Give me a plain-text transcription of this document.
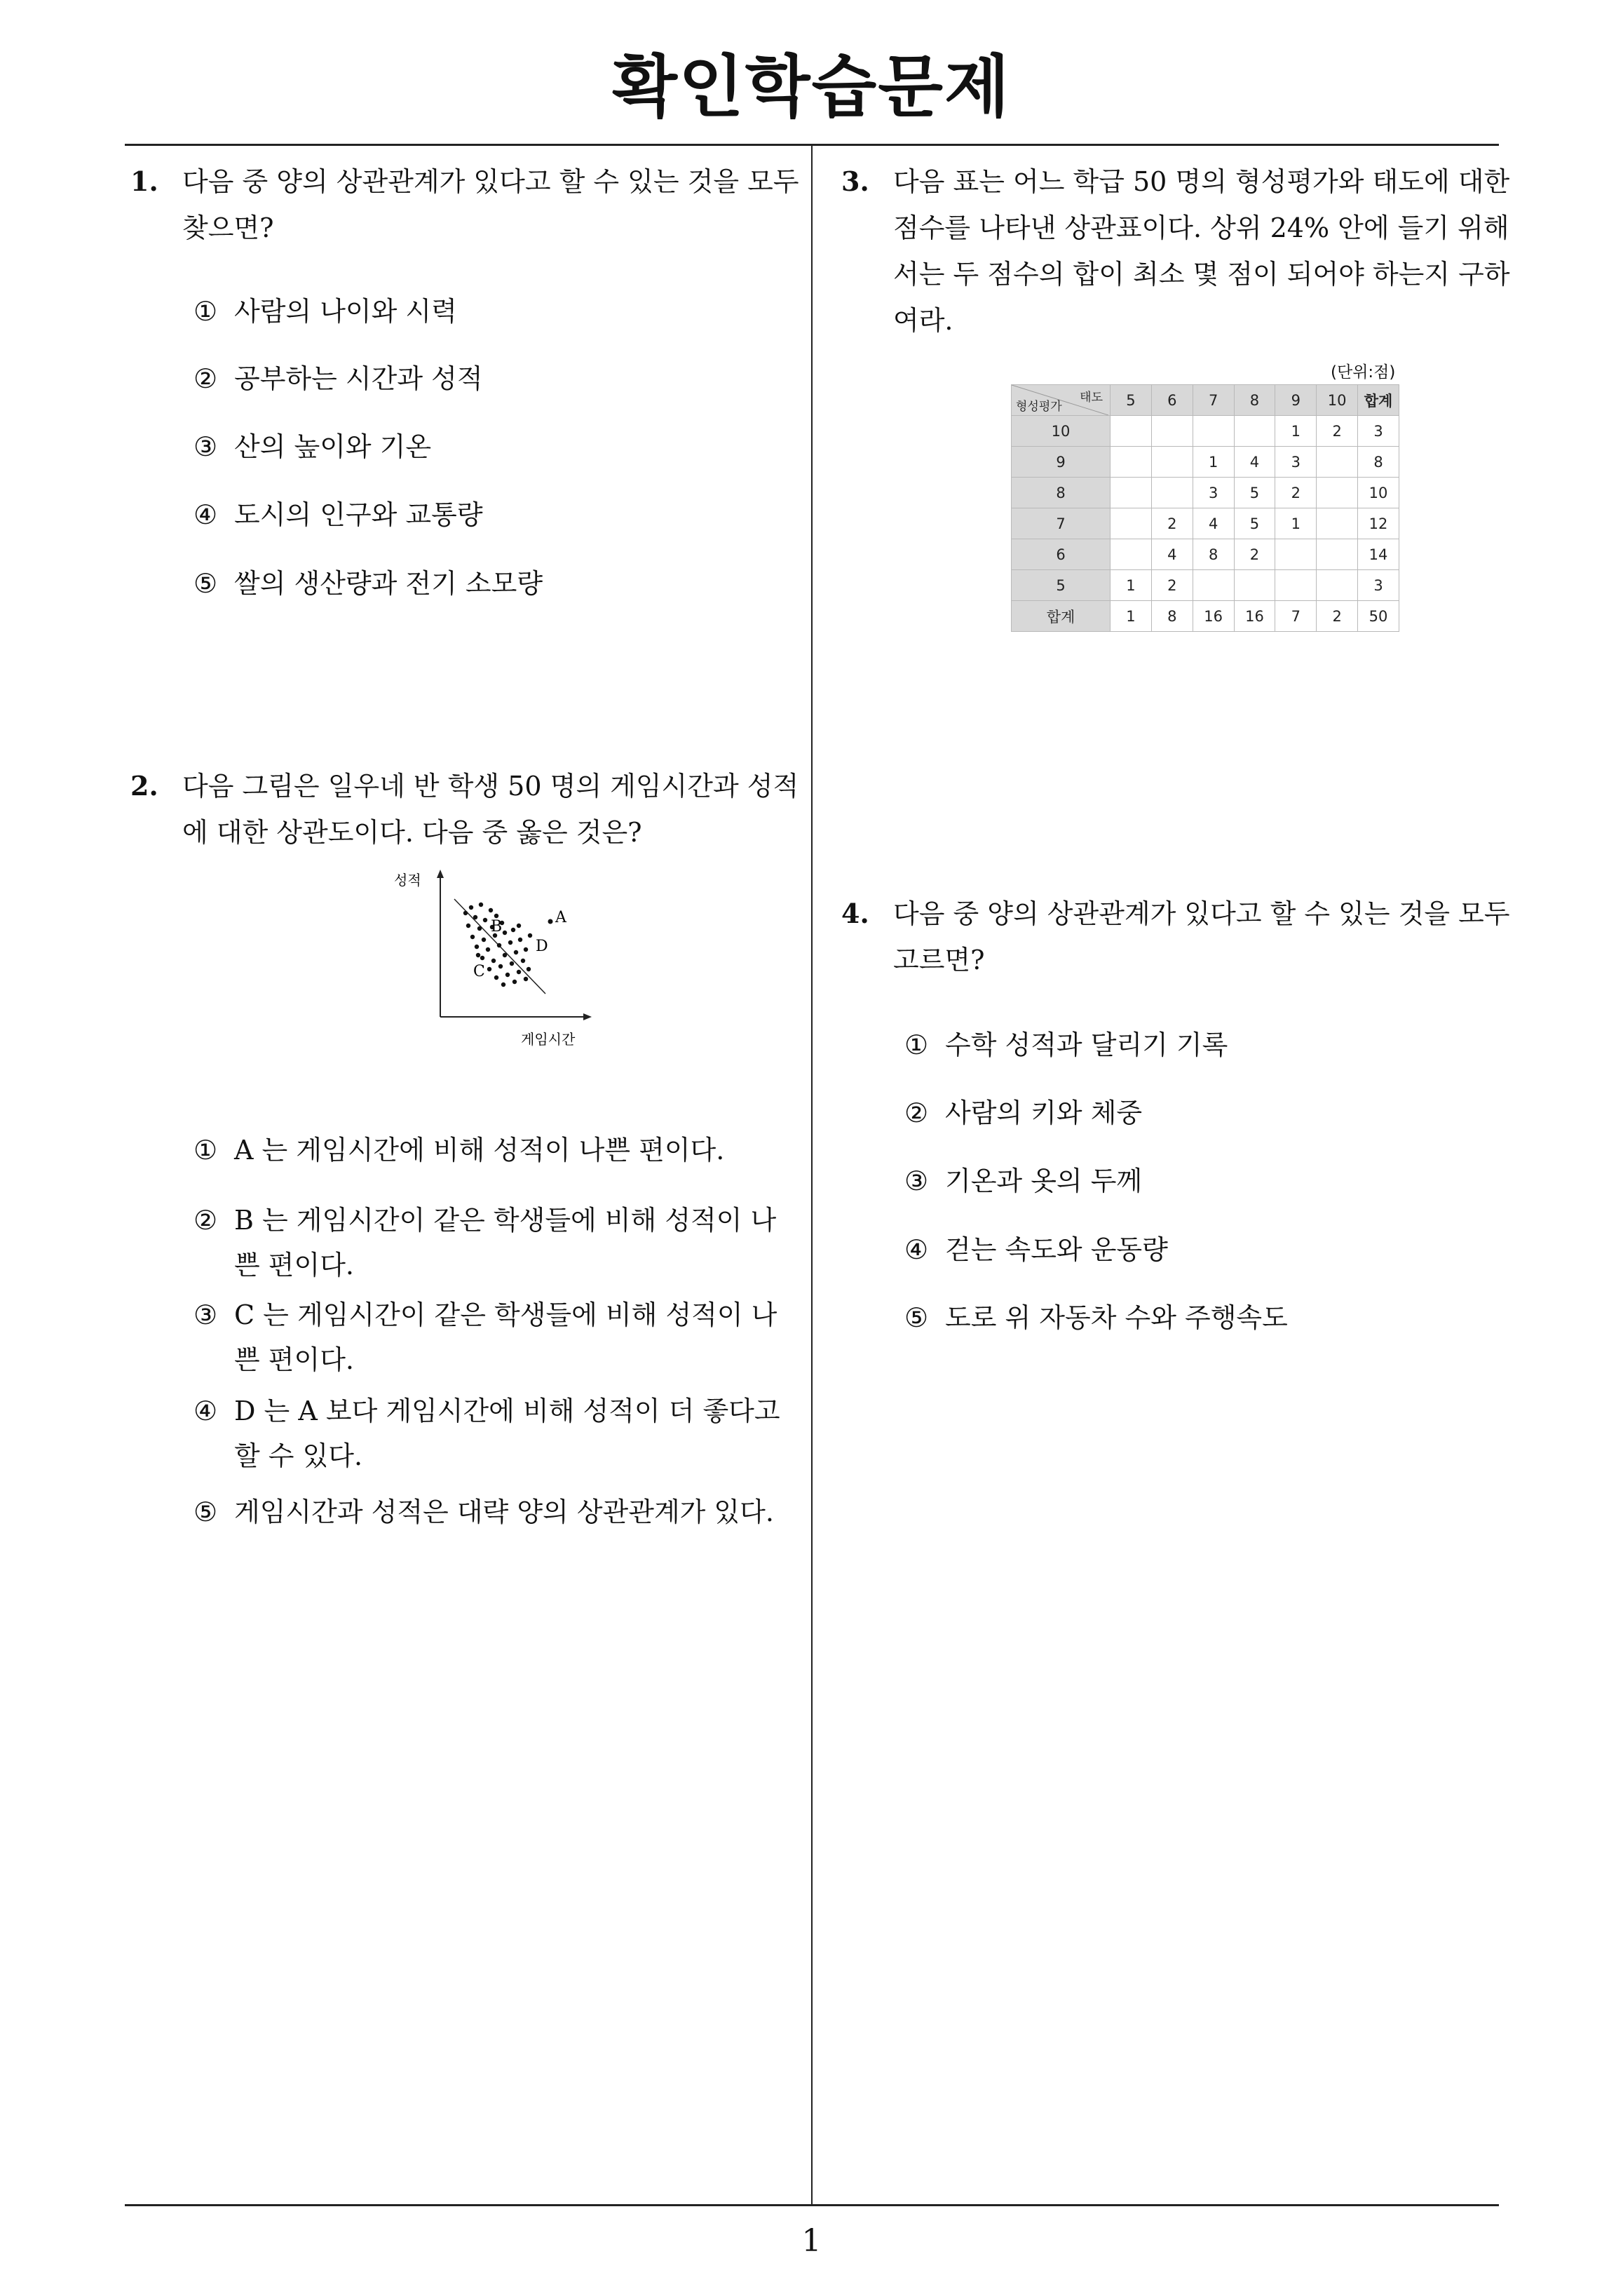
확인학습문제
1
1. 다음 중 양의 상관관계가 있다고 할 수 있는 것을 모두
찾으면?
① 사람의 나이와 시력
② 공부하는 시간과 성적
③ 산의 높이와 기온
④ 도시의 인구와 교통량
⑤ 쌀의 생산량과 전기 소모량
2. 다음 그림은 일우네 반 학생 50 명의 게임시간과 성적
에 대한 상관도이다. 다음 중 옳은 것은?
성적
A
B
C
D
게임시간
① A 는 게임시간에 비해 성적이 나쁜 편이다.
② B 는 게임시간이 같은 학생들에 비해 성적이 나
쁜 편이다.
③ C 는 게임시간이 같은 학생들에 비해 성적이 나
쁜 편이다.
④ D 는 A 보다 게임시간에 비해 성적이 더 좋다고
할 수 있다.
⑤ 게임시간과 성적은 대략 양의 상관관계가 있다.
3. 다음 표는 어느 학급 50 명의 형성평가와 태도에 대한
점수를 나타낸 상관표이다. 상위 24% 안에 들기 위해
서는 두 점수의 합이 최소 몇 점이 되어야 하는지 구하
여라.
(단위:점)
태도
형성평가	5	6	7	8	9	10	합계
10					1	2	3
9			1	4	3		8
8			3	5	2		10
7		2	4	5	1		12
6		4	8	2			14
5	1	2					3
합계	1	8	16	16	7	2	50
4. 다음 중 양의 상관관계가 있다고 할 수 있는 것을 모두
고르면?
① 수학 성적과 달리기 기록
② 사람의 키와 체중
③ 기온과 옷의 두께
④ 걷는 속도와 운동량
⑤ 도로 위 자동차 수와 주행속도
